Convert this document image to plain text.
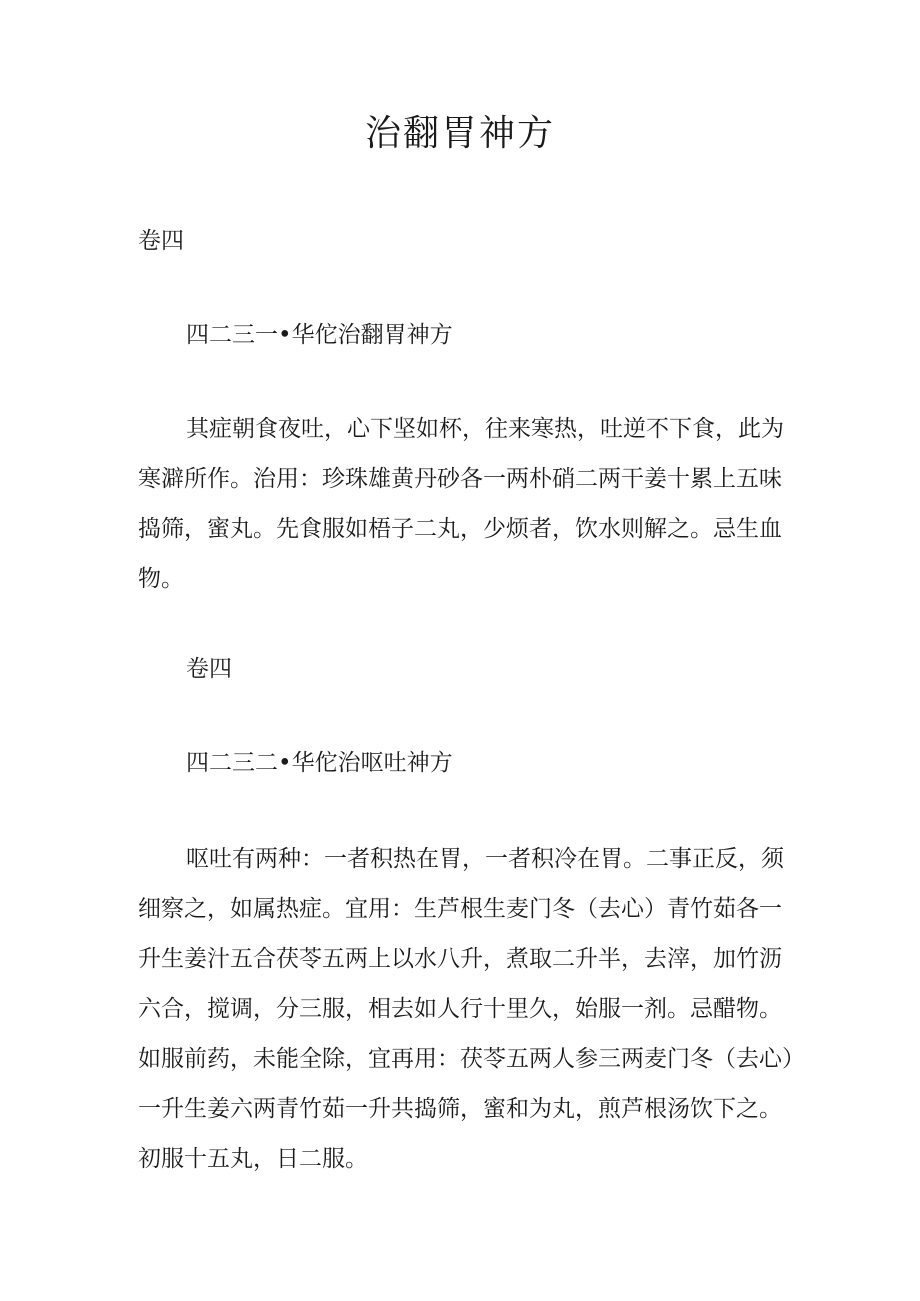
治翻胃神方
卷四
四二三一•华佗治翻胃神方

其症朝食夜吐，心下坚如杯，往来寒热，吐逆不下食，此为

寒澼所作。治用：珍珠雄黄丹砂各一两朴硝二两干姜十累上五味

捣筛，蜜丸。先食服如梧子二丸，少烦者，饮水则解之。忌生血

物。

卷四
四二三二•华佗治呕吐神方

呕吐有两种：一者积热在胃，一者积冷在胃。二事正反，须

细察之，如属热症。宜用：生芦根生麦门冬（去心）青竹茹各一

升生姜汁五合茯苓五两上以水八升，煮取二升半，去滓，加竹沥

六合，搅调，分三服，相去如人行十里久，始服一剂。忌醋物。

如服前药，未能全除，宜再用：茯苓五两人参三两麦门冬（去心）

一升生姜六两青竹茹一升共捣筛，蜜和为丸，煎芦根汤饮下之。

初服十五丸，日二服。
